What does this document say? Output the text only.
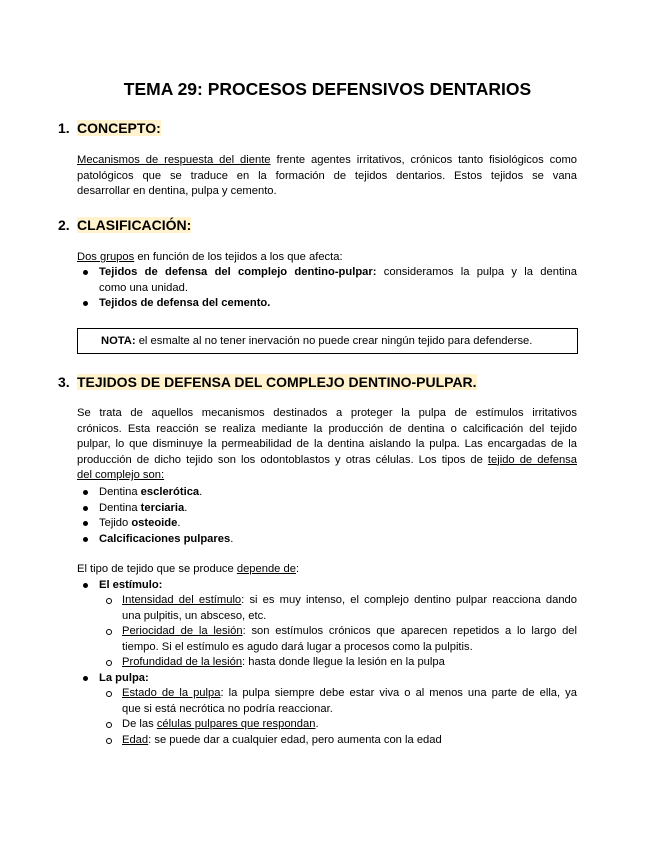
TEMA 29: PROCESOS DEFENSIVOS DENTARIOS
1. CONCEPTO:
Mecanismos de respuesta del diente frente agentes irritativos, crónicos tanto fisiológicos como
patológicos que se traduce en la formación de tejidos dentarios. Estos tejidos se vana
desarrollar en dentina, pulpa y cemento.
2. CLASIFICACIÓN:
Dos grupos en función de los tejidos a los que afecta:
Tejidos de defensa del complejo dentino-pulpar: consideramos la pulpa y la dentina
como una unidad.
Tejidos de defensa del cemento.
NOTA: el esmalte al no tener inervación no puede crear ningún tejido para defenderse.
3. TEJIDOS DE DEFENSA DEL COMPLEJO DENTINO-PULPAR.
Se trata de aquellos mecanismos destinados a proteger la pulpa de estímulos irritativos
crónicos. Esta reacción se realiza mediante la producción de dentina o calcificación del tejido
pulpar, lo que disminuye la permeabilidad de la dentina aislando la pulpa. Las encargadas de la
producción de dicho tejido son los odontoblastos y otras células. Los tipos de tejido de defensa
del complejo son:
Dentina esclerótica.
Dentina terciaria.
Tejido osteoide.
Calcificaciones pulpares.
El tipo de tejido que se produce depende de:
El estímulo:
Intensidad del estímulo: si es muy intenso, el complejo dentino pulpar reacciona dando
una pulpitis, un absceso, etc.
Periocidad de la lesión: son estímulos crónicos que aparecen repetidos a lo largo del
tiempo. Si el estímulo es agudo dará lugar a procesos como la pulpitis.
Profundidad de la lesión: hasta donde llegue la lesión en la pulpa
La pulpa:
Estado de la pulpa: la pulpa siempre debe estar viva o al menos una parte de ella, ya
que si está necrótica no podría reaccionar.
De las células pulpares que respondan.
Edad: se puede dar a cualquier edad, pero aumenta con la edad
